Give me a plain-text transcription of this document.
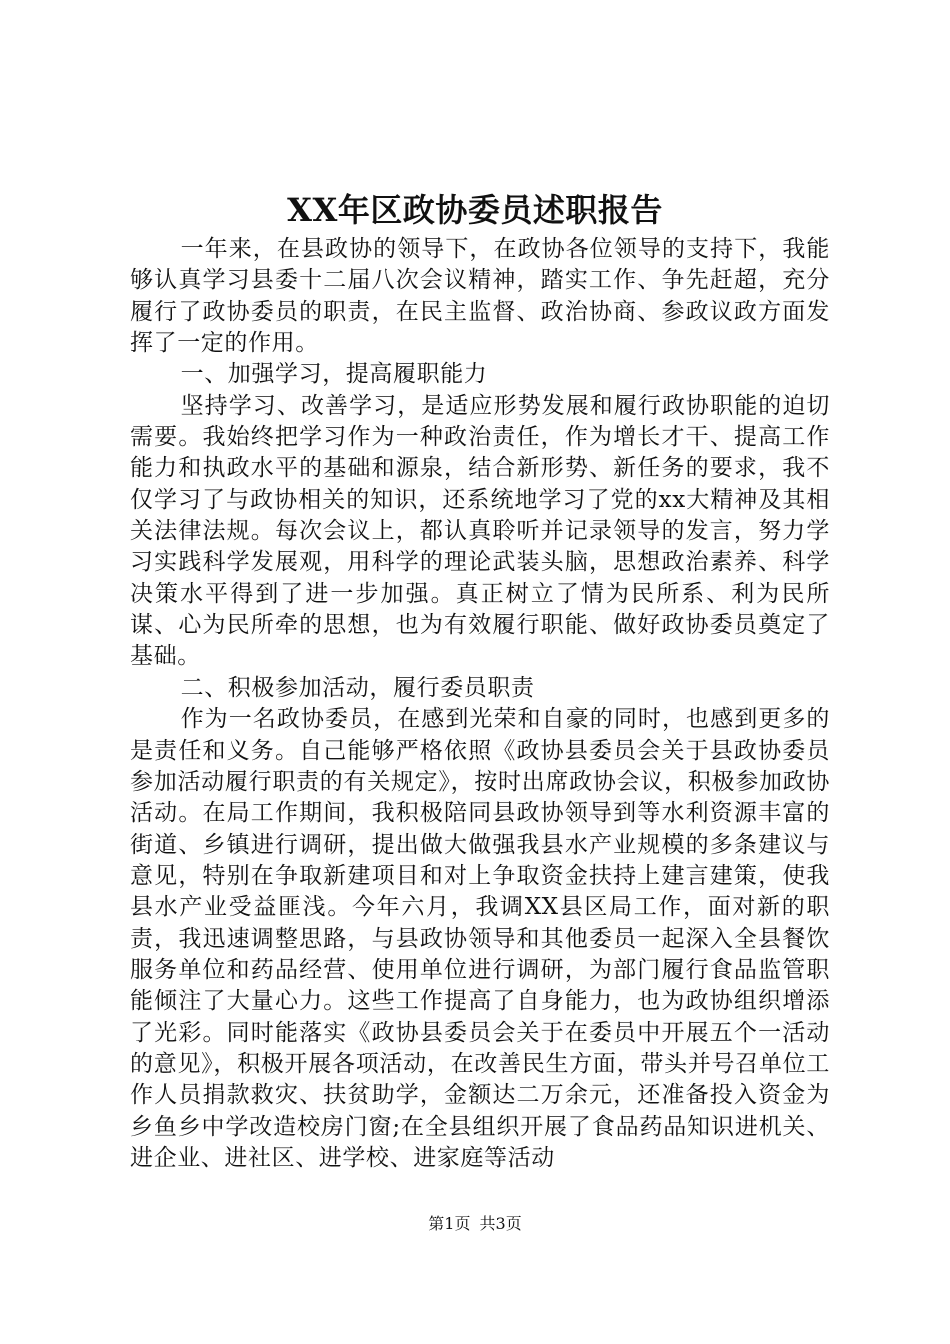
XX年区政协委员述职报告

一年来，在县政协的领导下，在政协各位领导的支持下，我能够认真学习县委十二届八次会议精神，踏实工作、争先赶超，充分履行了政协委员的职责，在民主监督、政治协商、参政议政方面发挥了一定的作用。

一、加强学习，提高履职能力

坚持学习、改善学习，是适应形势发展和履行政协职能的迫切需要。我始终把学习作为一种政治责任，作为增长才干、提高工作能力和执政水平的基础和源泉，结合新形势、新任务的要求，我不仅学习了与政协相关的知识，还系统地学习了党的xx大精神及其相关法律法规。每次会议上，都认真聆听并记录领导的发言，努力学习实践科学发展观，用科学的理论武装头脑，思想政治素养、科学决策水平得到了进一步加强。真正树立了情为民所系、利为民所谋、心为民所牵的思想，也为有效履行职能、做好政协委员奠定了基础。

二、积极参加活动，履行委员职责

作为一名政协委员，在感到光荣和自豪的同时，也感到更多的是责任和义务。自己能够严格依照《政协县委员会关于县政协委员参加活动履行职责的有关规定》，按时出席政协会议，积极参加政协活动。在局工作期间，我积极陪同县政协领导到等水利资源丰富的街道、乡镇进行调研，提出做大做强我县水产业规模的多条建议与意见，特别在争取新建项目和对上争取资金扶持上建言建策，使我县水产业受益匪浅。今年六月，我调XX县区局工作，面对新的职责，我迅速调整思路，与县政协领导和其他委员一起深入全县餐饮服务单位和药品经营、使用单位进行调研，为部门履行食品监管职能倾注了大量心力。这些工作提高了自身能力，也为政协组织增添了光彩。同时能落实《政协县委员会关于在委员中开展五个一活动的意见》，积极开展各项活动，在改善民生方面，带头并号召单位工作人员捐款救灾、扶贫助学，金额达二万余元，还准备投入资金为乡鱼乡中学改造校房门窗;在全县组织开展了食品药品知识进机关、进企业、进社区、进学校、进家庭等活动

第1页 共3页
